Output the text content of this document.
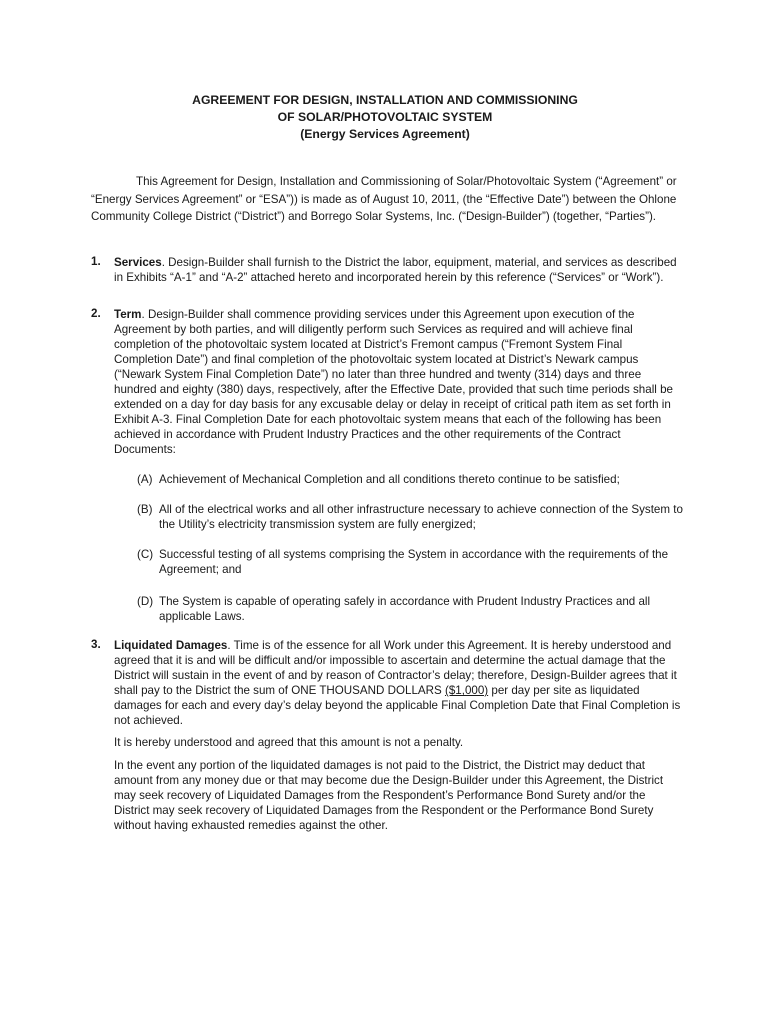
AGREEMENT FOR DESIGN, INSTALLATION AND COMMISSIONING
OF SOLAR/PHOTOVOLTAIC SYSTEM
(Energy Services Agreement)
This Agreement for Design, Installation and Commissioning of Solar/Photovoltaic System (“Agreement” or “Energy Services Agreement” or “ESA”)) is made as of August 10, 2011, (the “Effective Date”) between the Ohlone Community College District (“District”) and Borrego Solar Systems, Inc. (“Design-Builder”) (together, “Parties”).
1. Services. Design-Builder shall furnish to the District the labor, equipment, material, and services as described in Exhibits “A-1” and “A-2” attached hereto and incorporated herein by this reference (“Services” or “Work”).
2. Term. Design-Builder shall commence providing services under this Agreement upon execution of the Agreement by both parties, and will diligently perform such Services as required and will achieve final completion of the photovoltaic system located at District’s Fremont campus (“Fremont System Final Completion Date”) and final completion of the photovoltaic system located at District’s Newark campus (“Newark System Final Completion Date”) no later than three hundred and twenty (314) days and three hundred and eighty (380) days, respectively, after the Effective Date, provided that such time periods shall be extended on a day for day basis for any excusable delay or delay in receipt of critical path item as set forth in Exhibit A-3. Final Completion Date for each photovoltaic system means that each of the following has been achieved in accordance with Prudent Industry Practices and the other requirements of the Contract Documents:
(A) Achievement of Mechanical Completion and all conditions thereto continue to be satisfied;
(B) All of the electrical works and all other infrastructure necessary to achieve connection of the System to the Utility’s electricity transmission system are fully energized;
(C) Successful testing of all systems comprising the System in accordance with the requirements of the Agreement; and
(D) The System is capable of operating safely in accordance with Prudent Industry Practices and all applicable Laws.
3. Liquidated Damages. Time is of the essence for all Work under this Agreement. It is hereby understood and agreed that it is and will be difficult and/or impossible to ascertain and determine the actual damage that the District will sustain in the event of and by reason of Contractor’s delay; therefore, Design-Builder agrees that it shall pay to the District the sum of ONE THOUSAND DOLLARS ($1,000) per day per site as liquidated damages for each and every day’s delay beyond the applicable Final Completion Date that Final Completion is not achieved.
It is hereby understood and agreed that this amount is not a penalty.
In the event any portion of the liquidated damages is not paid to the District, the District may deduct that amount from any money due or that may become due the Design-Builder under this Agreement, the District may seek recovery of Liquidated Damages from the Respondent’s Performance Bond Surety and/or the District may seek recovery of Liquidated Damages from the Respondent or the Performance Bond Surety without having exhausted remedies against the other.
